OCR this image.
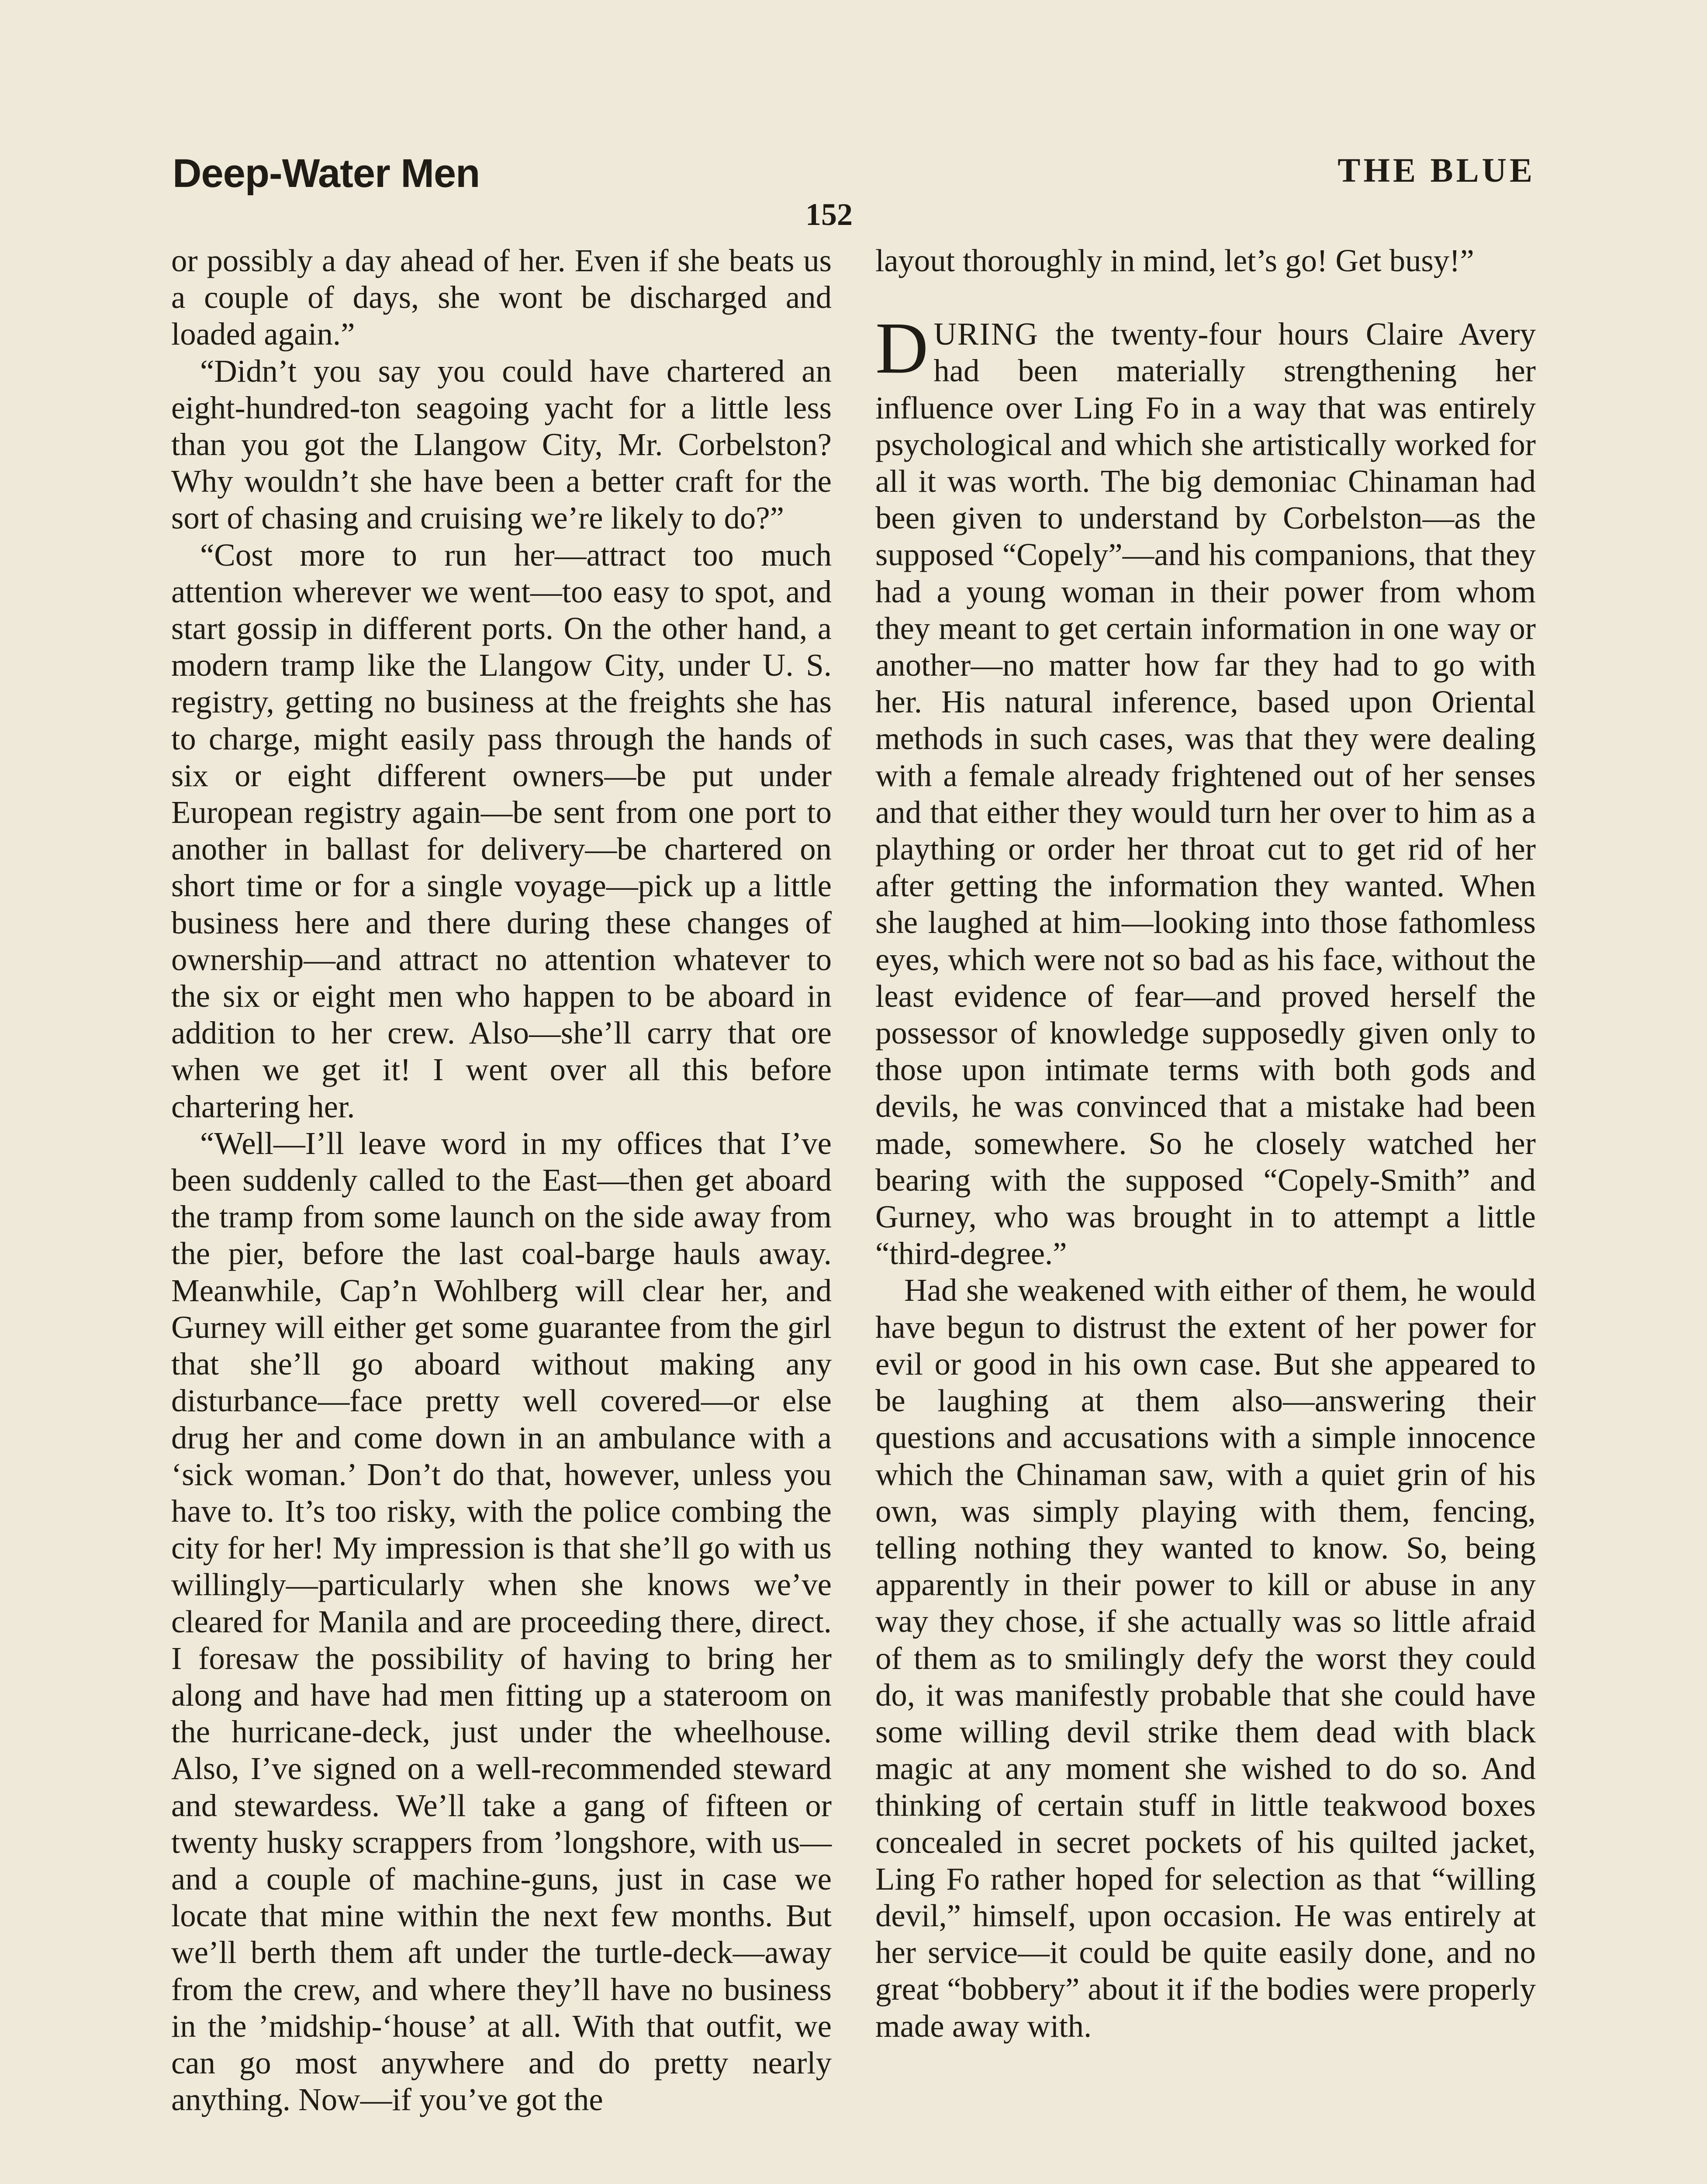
Deep-Water Men	THE BLUE
152

or possibly a day ahead of her. Even if she beats us a couple of days, she wont be discharged and loaded again.”

“Didn’t you say you could have chartered an eight-hundred-ton seagoing yacht for a little less than you got the Llangow City, Mr. Corbelston? Why wouldn’t she have been a better craft for the sort of chasing and cruising we’re likely to do?”

“Cost more to run her—attract too much attention wherever we went—too easy to spot, and start gossip in different ports. On the other hand, a modern tramp like the Llangow City, under U. S. registry, getting no business at the freights she has to charge, might easily pass through the hands of six or eight different owners—be put under European registry again—be sent from one port to another in ballast for delivery—be chartered on short time or for a single voyage—pick up a little business here and there during these changes of ownership—and attract no attention whatever to the six or eight men who happen to be aboard in addition to her crew. Also—she’ll carry that ore when we get it! I went over all this before chartering her.

“Well—I’ll leave word in my offices that I’ve been suddenly called to the East—then get aboard the tramp from some launch on the side away from the pier, before the last coal-barge hauls away. Meanwhile, Cap’n Wohlberg will clear her, and Gurney will either get some guarantee from the girl that she’ll go aboard without making any disturbance—face pretty well covered—or else drug her and come down in an ambulance with a ‘sick woman.’ Don’t do that, however, unless you have to. It’s too risky, with the police combing the city for her! My impression is that she’ll go with us willingly—particularly when she knows we’ve cleared for Manila and are proceeding there, direct. I foresaw the possibility of having to bring her along and have had men fitting up a stateroom on the hurricane-deck, just under the wheelhouse. Also, I’ve signed on a well-recommended steward and stewardess. We’ll take a gang of fifteen or twenty husky scrappers from ’longshore, with us—and a couple of machine-guns, just in case we locate that mine within the next few months. But we’ll berth them aft under the turtle-deck—away from the crew, and where they’ll have no business in the ’midship-‘house’ at all. With that outfit, we can go most anywhere and do pretty nearly anything. Now—if you’ve got the

layout thoroughly in mind, let’s go! Get busy!”

DURING the twenty-four hours Claire Avery had been materially strengthening her influence over Ling Fo in a way that was entirely psychological and which she artistically worked for all it was worth. The big demoniac Chinaman had been given to understand by Corbelston—as the supposed “Copely”—and his companions, that they had a young woman in their power from whom they meant to get certain information in one way or another—no matter how far they had to go with her. His natural inference, based upon Oriental methods in such cases, was that they were dealing with a female already frightened out of her senses and that either they would turn her over to him as a plaything or order her throat cut to get rid of her after getting the information they wanted. When she laughed at him—looking into those fathomless eyes, which were not so bad as his face, without the least evidence of fear—and proved herself the possessor of knowledge supposedly given only to those upon intimate terms with both gods and devils, he was convinced that a mistake had been made, somewhere. So he closely watched her bearing with the supposed “Copely-Smith” and Gurney, who was brought in to attempt a little “third-degree.”

Had she weakened with either of them, he would have begun to distrust the extent of her power for evil or good in his own case. But she appeared to be laughing at them also—answering their questions and accusations with a simple innocence which the Chinaman saw, with a quiet grin of his own, was simply playing with them, fencing, telling nothing they wanted to know. So, being apparently in their power to kill or abuse in any way they chose, if she actually was so little afraid of them as to smilingly defy the worst they could do, it was manifestly probable that she could have some willing devil strike them dead with black magic at any moment she wished to do so. And thinking of certain stuff in little teakwood boxes concealed in secret pockets of his quilted jacket, Ling Fo rather hoped for selection as that “willing devil,” himself, upon occasion. He was entirely at her service—it could be quite easily done, and no great “bobbery” about it if the bodies were properly made away with.
